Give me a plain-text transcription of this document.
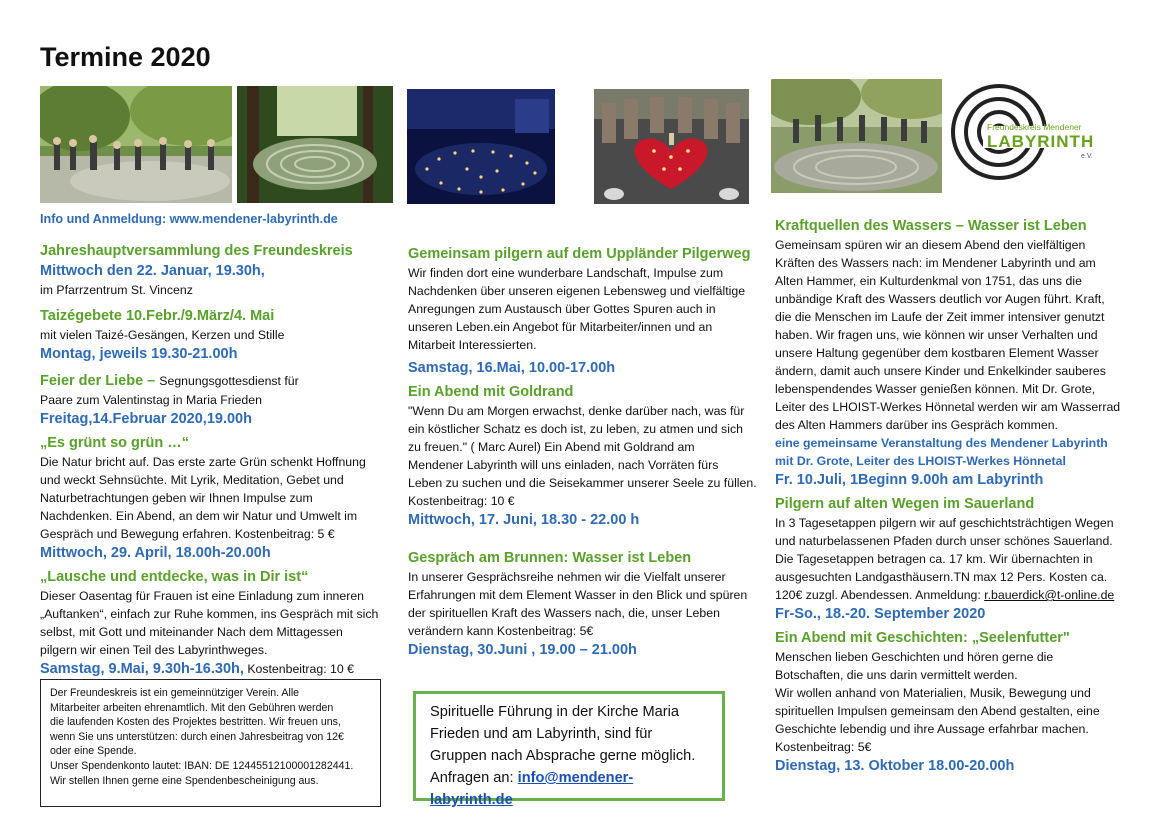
Termine 2020
Freundeskreis Mendener
LABYRINTH
e.V.
Info und Anmeldung: www.mendener-labyrinth.de

Jahreshauptversammlung des Freundeskreis

Mittwoch den 22. Januar, 19.30h,

im Pfarrzentrum St. Vincenz

Taizégebete 10.Febr./9.März/4. Mai

mit vielen Taizé-Gesängen, Kerzen und Stille

Montag, jeweils 19.30-21.00h

Feier der Liebe – Segnungsgottesdienst für

Paare zum Valentinstag in Maria Frieden

Freitag,14.Februar 2020,19.00h

„Es grünt so grün …“

Die Natur bricht auf. Das erste zarte Grün schenkt Hoffnung

und weckt Sehnsüchte. Mit Lyrik, Meditation, Gebet und

Naturbetrachtungen geben wir Ihnen Impulse zum

Nachdenken. Ein Abend, an dem wir Natur und Umwelt im

Gespräch und Bewegung erfahren. Kostenbeitrag: 5 €

Mittwoch, 29. April, 18.00h-20.00h

„Lausche und entdecke, was in Dir ist“

Dieser Oasentag für Frauen ist eine Einladung zum inneren

„Auftanken“, einfach zur Ruhe kommen, ins Gespräch mit sich

selbst, mit Gott und miteinander Nach dem Mittagessen

pilgern wir einen Teil des Labyrinthweges.

Samstag, 9.Mai, 9.30h-16.30h, Kostenbeitrag: 10 €

Der Freundeskreis ist ein gemeinnütziger Verein. Alle

Mitarbeiter arbeiten ehrenamtlich. Mit den Gebühren werden

die laufenden Kosten des Projektes bestritten. Wir freuen uns,

wenn Sie uns unterstützen: durch einen Jahresbeitrag von 12€

oder eine Spende.

Unser Spendenkonto lautet: IBAN: DE 12445512100001282441.

Wir stellen Ihnen gerne eine Spendenbescheinigung aus.

Gemeinsam pilgern auf dem Uppländer Pilgerweg

Wir finden dort eine wunderbare Landschaft, Impulse zum

Nachdenken über unseren eigenen Lebensweg und vielfältige

Anregungen zum Austausch über Gottes Spuren auch in

unseren Leben.ein Angebot für Mitarbeiter/innen und an

Mitarbeit Interessierten.

Samstag, 16.Mai, 10.00-17.00h

Ein Abend mit Goldrand

"Wenn Du am Morgen erwachst, denke darüber nach, was für

ein köstlicher Schatz es doch ist, zu leben, zu atmen und sich

zu freuen." ( Marc Aurel) Ein Abend mit Goldrand am

Mendener Labyrinth will uns einladen, nach Vorräten fürs

Leben zu suchen und die Seisekammer unserer Seele zu füllen.

Kostenbeitrag: 10 €

Mittwoch, 17. Juni, 18.30 - 22.00 h

Gespräch am Brunnen: Wasser ist Leben

In unserer Gesprächsreihe nehmen wir die Vielfalt unserer

Erfahrungen mit dem Element Wasser in den Blick und spüren

der spirituellen Kraft des Wassers nach, die, unser Leben

verändern kann Kostenbeitrag: 5€

Dienstag, 30.Juni , 19.00 – 21.00h

Spirituelle Führung in der Kirche Maria

Frieden und am Labyrinth, sind für

Gruppen nach Absprache gerne möglich.

Anfragen an: info@mendener-labyrinth.de

Kraftquellen des Wassers – Wasser ist Leben

Gemeinsam spüren wir an diesem Abend den vielfältigen

Kräften des Wassers nach: im Mendener Labyrinth und am

Alten Hammer, ein Kulturdenkmal von 1751, das uns die

unbändige Kraft des Wassers deutlich vor Augen führt. Kraft,

die die Menschen im Laufe der Zeit immer intensiver genutzt

haben. Wir fragen uns, wie können wir unser Verhalten und

unsere Haltung gegenüber dem kostbaren Element Wasser

ändern, damit auch unsere Kinder und Enkelkinder sauberes

lebenspendendes Wasser genießen können. Mit Dr. Grote,

Leiter des LHOIST-Werkes Hönnetal werden wir am Wasserrad

des Alten Hammers darüber ins Gespräch kommen.

eine gemeinsame Veranstaltung des Mendener Labyrinth

mit Dr. Grote, Leiter des LHOIST-Werkes Hönnetal

Fr. 10.Juli, 1Beginn 9.00h am Labyrinth

Pilgern auf alten Wegen im Sauerland

In 3 Tagesetappen pilgern wir auf geschichtsträchtigen Wegen

und naturbelassenen Pfaden durch unser schönes Sauerland.

Die Tagesetappen betragen ca. 17 km. Wir übernachten in

ausgesuchten Landgasthäusern.TN max 12 Pers. Kosten ca.

120€ zuzgl. Abendessen. Anmeldung: r.bauerdick@t-online.de

Fr-So., 18.-20. September 2020

Ein Abend mit Geschichten: „Seelenfutter"

Menschen lieben Geschichten und hören gerne die

Botschaften, die uns darin vermittelt werden.

Wir wollen anhand von Materialien, Musik, Bewegung und

spirituellen Impulsen gemeinsam den Abend gestalten, eine

Geschichte lebendig und ihre Aussage erfahrbar machen.

Kostenbeitrag: 5€

Dienstag, 13. Oktober 18.00-20.00h
